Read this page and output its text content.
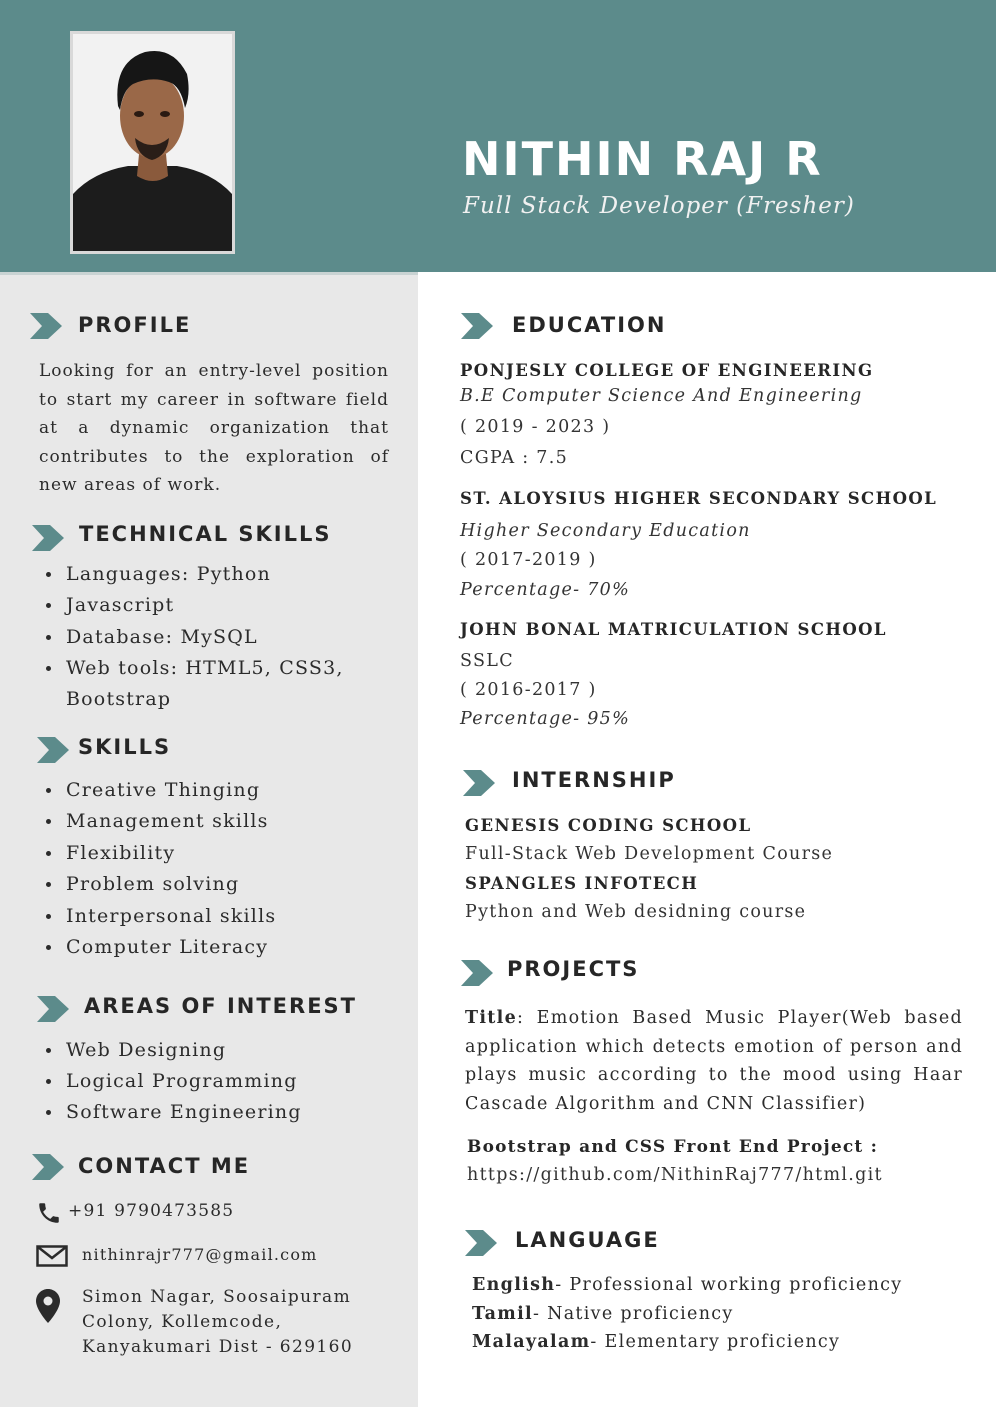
NITHIN RAJ R
Full Stack Developer (Fresher)
PROFILE
Looking for an entry-level position to start my career in software field at a dynamic organization that contributes to the exploration of new areas of work.
TECHNICAL SKILLS
Languages: Python
Javascript
Database: MySQL
Web tools: HTML5, CSS3, Bootstrap
SKILLS
Creative Thinging
Management skills
Flexibility
Problem solving
Interpersonal skills
Computer Literacy
AREAS OF INTEREST
Web Designing
Logical Programming
Software Engineering
CONTACT ME
+91 9790473585
nithinrajr777@gmail.com
Simon Nagar, Soosaipuram
Colony, Kollemcode,
Kanyakumari Dist - 629160
EDUCATION
PONJESLY COLLEGE OF ENGINEERING
B.E Computer Science And Engineering
( 2019 - 2023 )
CGPA : 7.5
ST. ALOYSIUS HIGHER SECONDARY SCHOOL
Higher Secondary Education
( 2017-2019 )
Percentage- 70%
JOHN BONAL MATRICULATION SCHOOL
SSLC
( 2016-2017 )
Percentage- 95%
INTERNSHIP
GENESIS CODING SCHOOL
Full-Stack Web Development Course
SPANGLES INFOTECH
Python and Web desidning course
PROJECTS
Title: Emotion Based Music Player(Web based application which detects emotion of person and plays music according to the mood using Haar Cascade Algorithm and CNN Classifier)
Bootstrap and CSS Front End Project :
https://github.com/NithinRaj777/html.git
LANGUAGE
English- Professional working proficiency
Tamil- Native proficiency
Malayalam- Elementary proficiency
